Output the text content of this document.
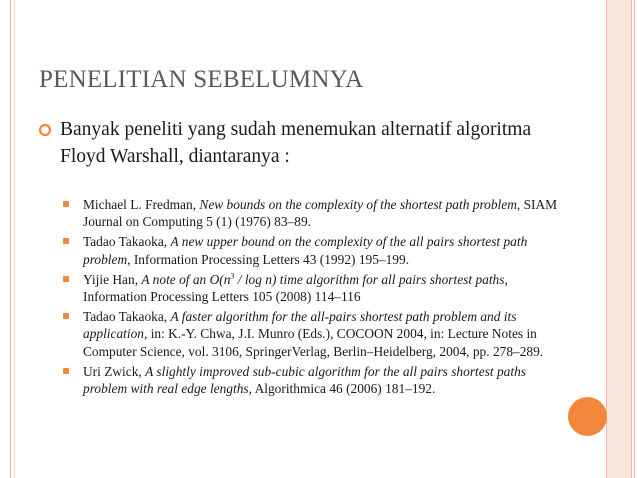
PENELITIAN SEBELUMNYA
Banyak peneliti yang sudah menemukan alternatif algoritma Floyd Warshall, diantaranya :
Michael L. Fredman, New bounds on the complexity of the shortest path problem, SIAM Journal on Computing 5 (1) (1976) 83–89.
Tadao Takaoka, A new upper bound on the complexity of the all pairs shortest path problem, Information Processing Letters 43 (1992) 195–199.
Yijie Han, A note of an $O(n^3$ / log n) time algorithm for all pairs shortest paths, Information Processing Letters 105 (2008) 114–116
Tadao Takaoka, A faster algorithm for the all-pairs shortest path problem and its application, in: K.-Y. Chwa, J.I. Munro (Eds.), COCOON 2004, in: Lecture Notes in Computer Science, vol. 3106, SpringerVerlag, Berlin–Heidelberg, 2004, pp. 278–289.
Uri Zwick, A slightly improved sub-cubic algorithm for the all pairs shortest paths problem with real edge lengths, Algorithmica 46 (2006) 181–192.
